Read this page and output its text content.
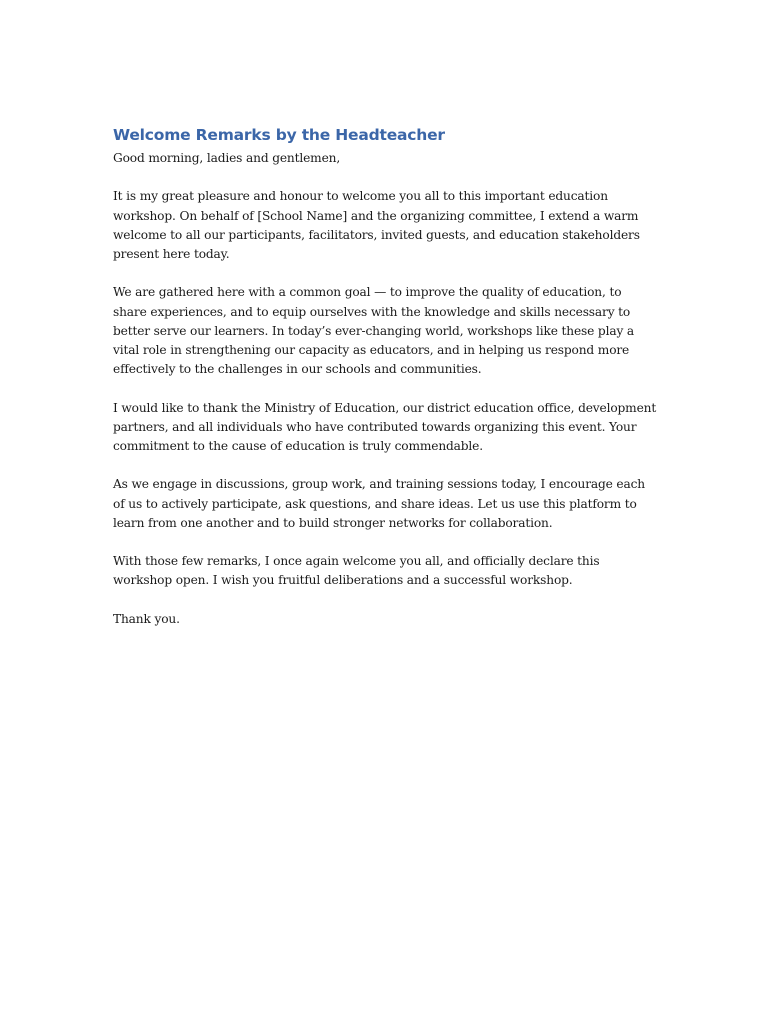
Welcome Remarks by the Headteacher

Good morning, ladies and gentlemen,

It is my great pleasure and honour to welcome you all to this important education workshop. On behalf of [School Name] and the organizing committee, I extend a warm welcome to all our participants, facilitators, invited guests, and education stakeholders present here today.

We are gathered here with a common goal — to improve the quality of education, to share experiences, and to equip ourselves with the knowledge and skills necessary to better serve our learners. In today’s ever-changing world, workshops like these play a vital role in strengthening our capacity as educators, and in helping us respond more effectively to the challenges in our schools and communities.

I would like to thank the Ministry of Education, our district education office, development partners, and all individuals who have contributed towards organizing this event. Your commitment to the cause of education is truly commendable.

As we engage in discussions, group work, and training sessions today, I encourage each of us to actively participate, ask questions, and share ideas. Let us use this platform to learn from one another and to build stronger networks for collaboration.

With those few remarks, I once again welcome you all, and officially declare this workshop open. I wish you fruitful deliberations and a successful workshop.

Thank you.
